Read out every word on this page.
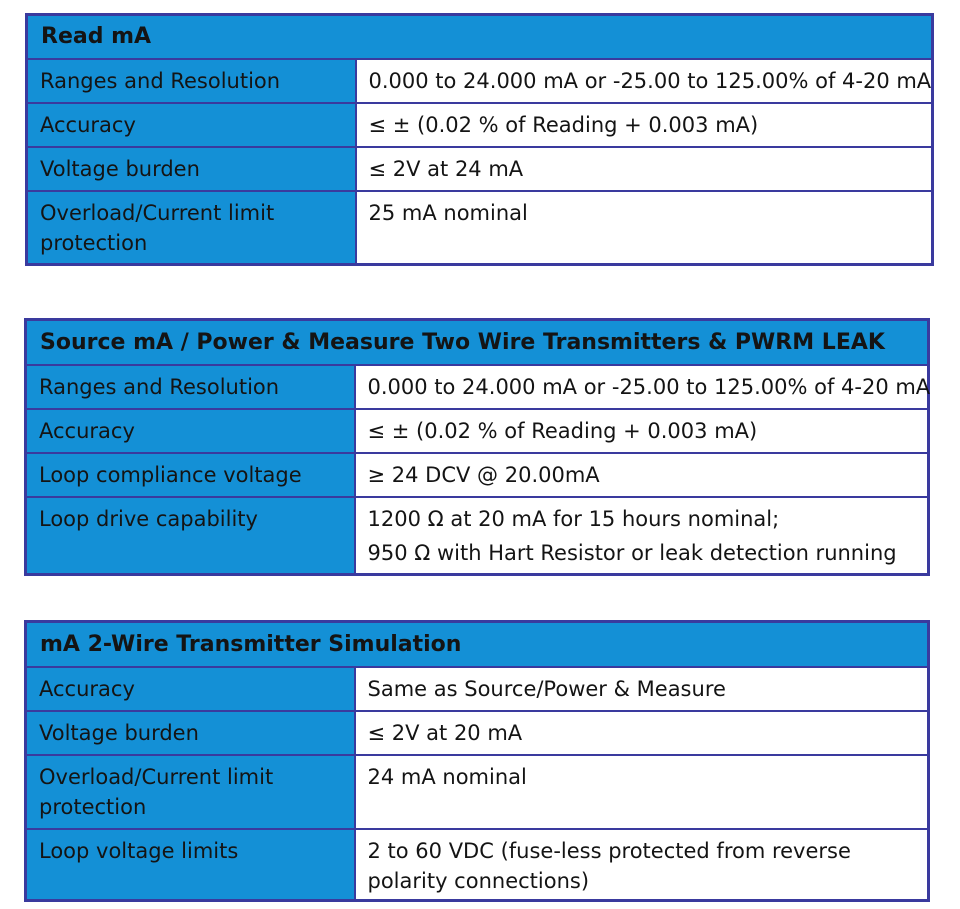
Read mA	
Ranges and Resolution	0.000 to 24.000 mA or -25.00 to 125.00% of 4-20 mA

Accuracy	≤ ± (0.02 % of Reading + 0.003 mA)

Voltage burden	≤ 2V at 24 mA

Overload/Current limit protection	25 mA nominal
Source mA / Power & Measure Two Wire Transmitters & PWRM LEAK	
Ranges and Resolution	0.000 to 24.000 mA or -25.00 to 125.00% of 4-20 mA

Accuracy	≤ ± (0.02 % of Reading + 0.003 mA)

Loop compliance voltage	≥ 24 DCV @ 20.00mA

Loop drive capability	1200 Ω at 20 mA for 15 hours nominal;
950 Ω with Hart Resistor or leak detection running
mA 2-Wire Transmitter Simulation	
Accuracy	Same as Source/Power & Measure

Voltage burden	≤ 2V at 20 mA

Overload/Current limit protection	24 mA nominal

Loop voltage limits	2 to 60 VDC (fuse-less protected from reverse
polarity connections)
